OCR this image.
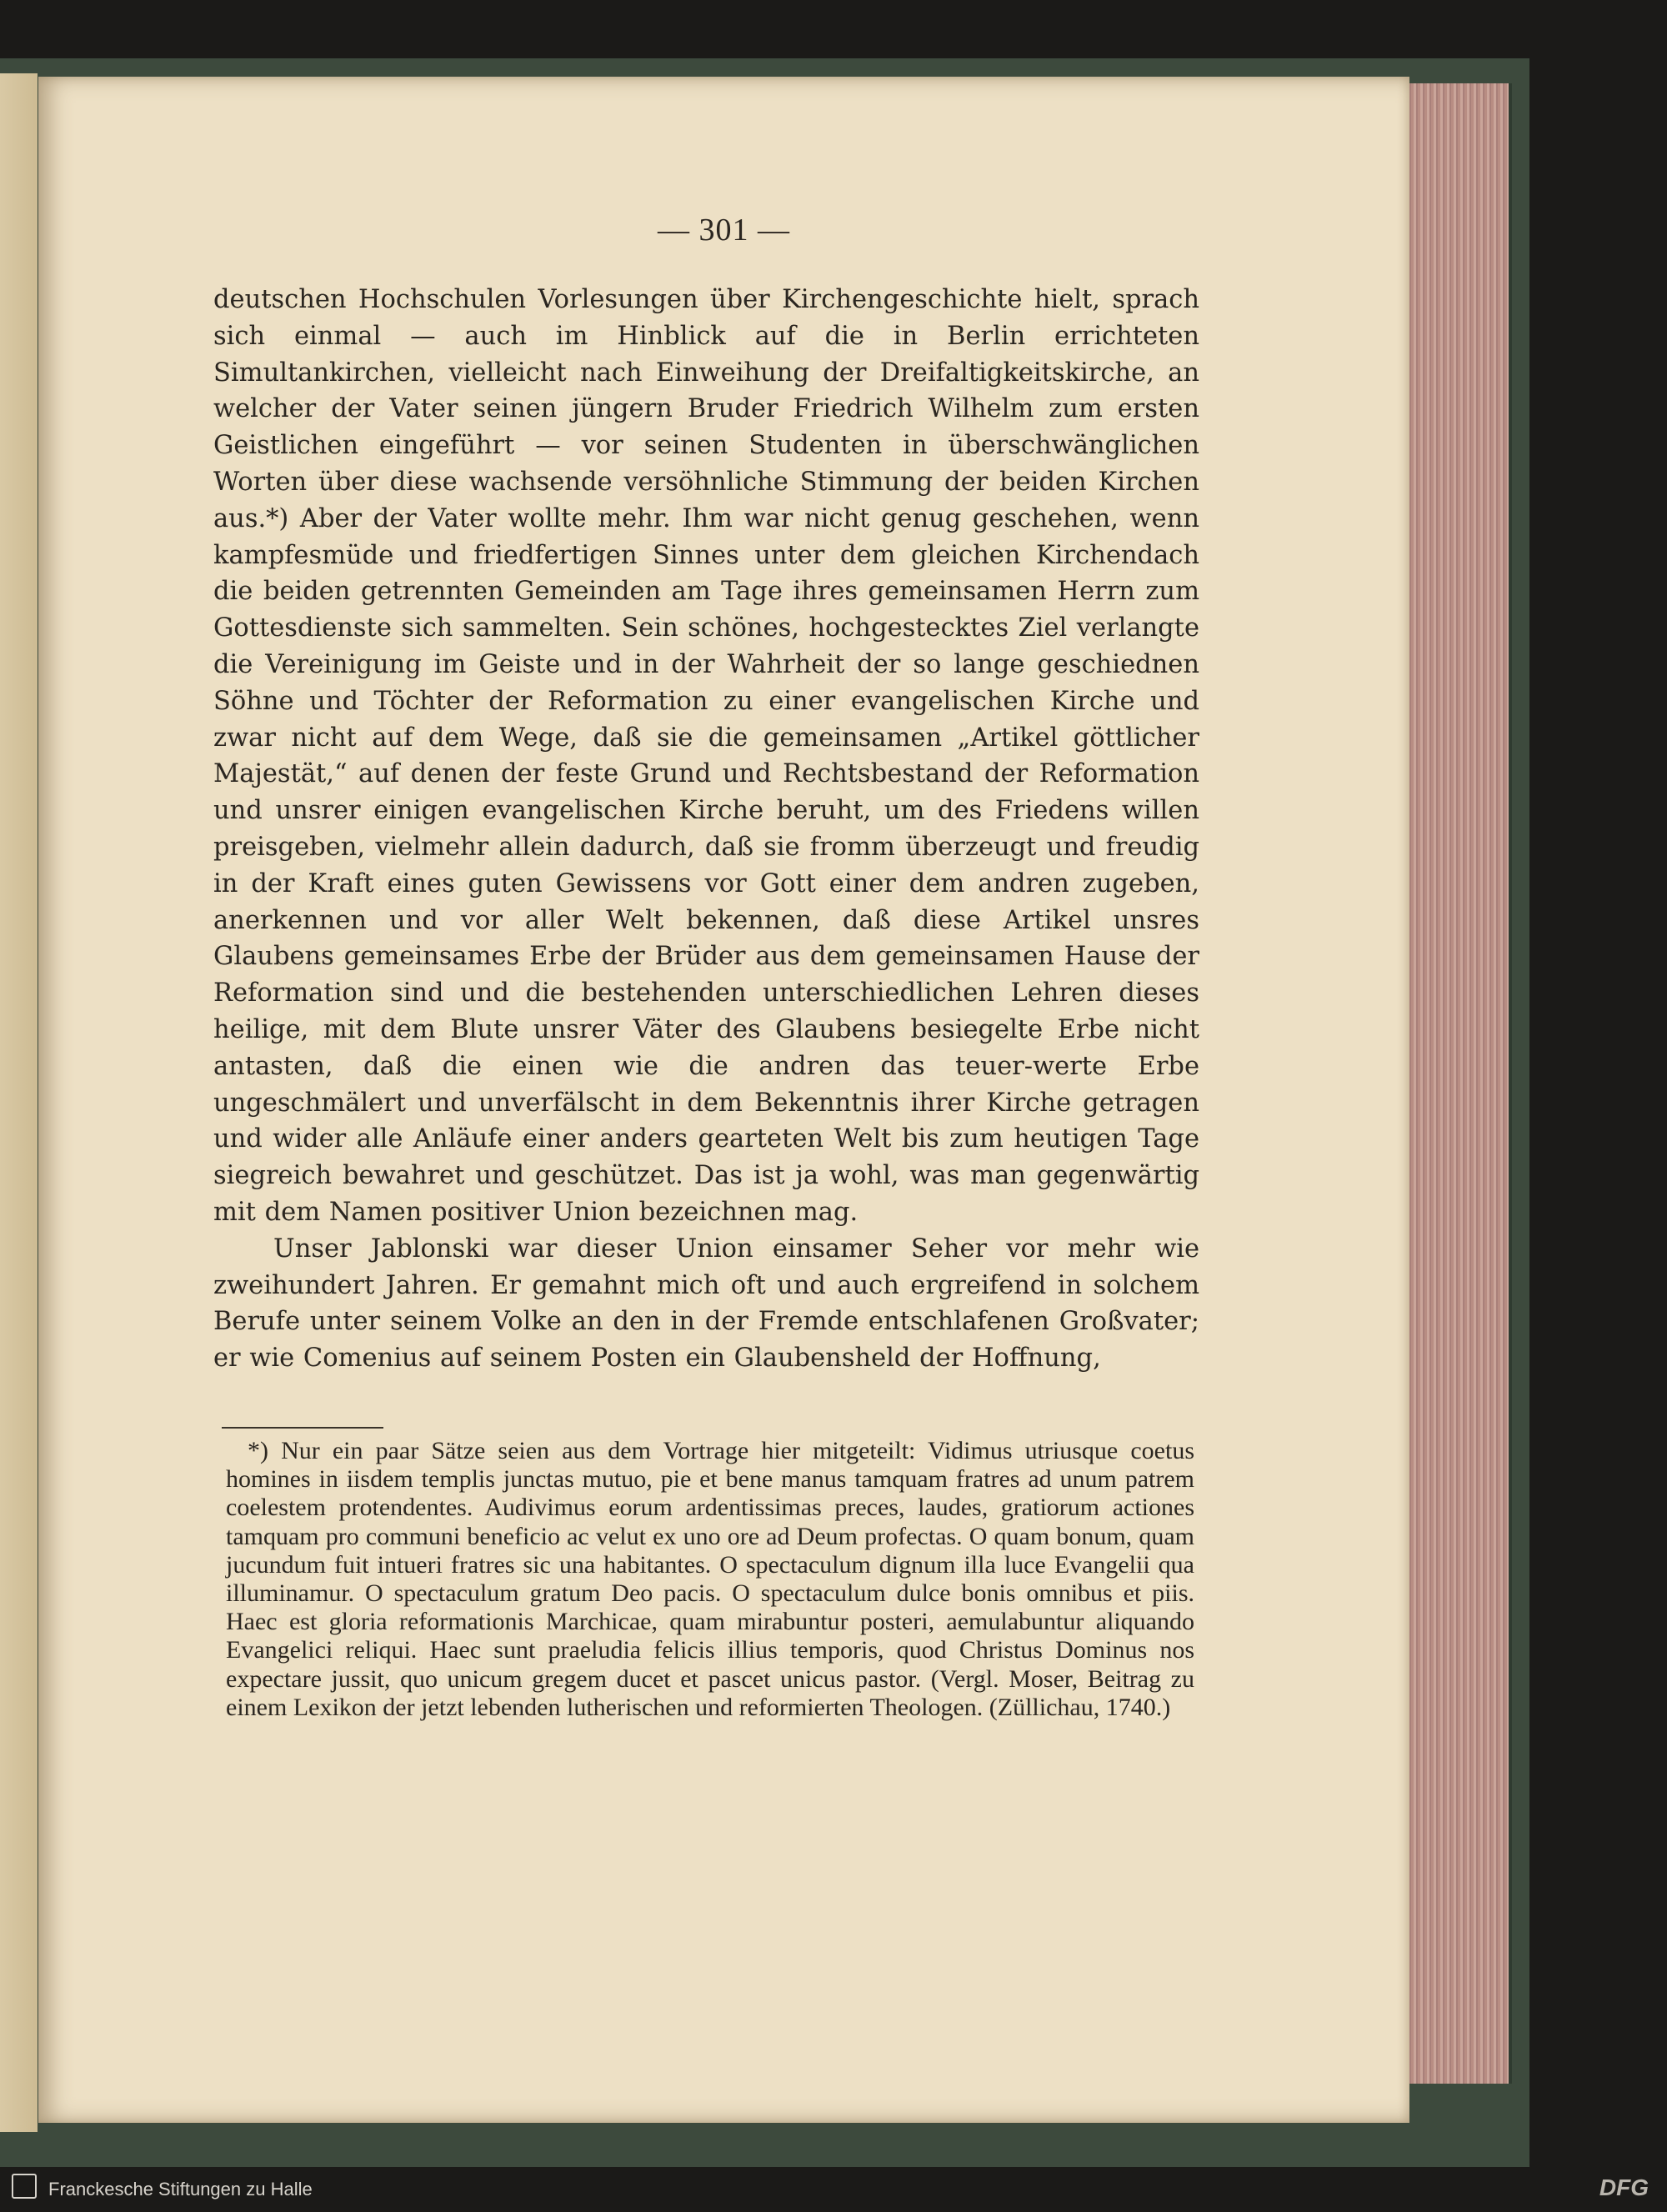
— 301 —

deutschen Hochschulen Vorlesungen über Kirchengeschichte hielt, sprach sich einmal — auch im Hinblick auf die in Berlin errichteten Simultankirchen, vielleicht nach Einweihung der Dreifaltigkeitskirche, an welcher der Vater seinen jüngern Bruder Friedrich Wilhelm zum ersten Geistlichen eingeführt — vor seinen Studenten in überschwänglichen Worten über diese wachsende versöhnliche Stimmung der beiden Kirchen aus.*) Aber der Vater wollte mehr. Ihm war nicht genug geschehen, wenn kampfesmüde und friedfertigen Sinnes unter dem gleichen Kirchendach die beiden getrennten Gemeinden am Tage ihres gemeinsamen Herrn zum Gottesdienste sich sammelten. Sein schönes, hochgestecktes Ziel verlangte die Vereinigung im Geiste und in der Wahrheit der so lange geschiednen Söhne und Töchter der Reformation zu einer evangelischen Kirche und zwar nicht auf dem Wege, daß sie die gemeinsamen „Artikel göttlicher Majestät,“ auf denen der feste Grund und Rechtsbestand der Reformation und unsrer einigen evangelischen Kirche beruht, um des Friedens willen preisgeben, vielmehr allein dadurch, daß sie fromm überzeugt und freudig in der Kraft eines guten Gewissens vor Gott einer dem andren zugeben, anerkennen und vor aller Welt bekennen, daß diese Artikel unsres Glaubens gemeinsames Erbe der Brüder aus dem gemeinsamen Hause der Reformation sind und die bestehenden unterschiedlichen Lehren dieses heilige, mit dem Blute unsrer Väter des Glaubens besiegelte Erbe nicht antasten, daß die einen wie die andren das teuer-werte Erbe ungeschmälert und unverfälscht in dem Bekenntnis ihrer Kirche getragen und wider alle Anläufe einer anders gearteten Welt bis zum heutigen Tage siegreich bewahret und geschützet. Das ist ja wohl, was man gegenwärtig mit dem Namen positiver Union bezeichnen mag.

Unser Jablonski war dieser Union einsamer Seher vor mehr wie zweihundert Jahren. Er gemahnt mich oft und auch ergreifend in solchem Berufe unter seinem Volke an den in der Fremde entschlafenen Großvater; er wie Comenius auf seinem Posten ein Glaubensheld der Hoffnung,

*) Nur ein paar Sätze seien aus dem Vortrage hier mitgeteilt: Vidimus utriusque coetus homines in iisdem templis junctas mutuo, pie et bene manus tamquam fratres ad unum patrem coelestem protendentes. Audivimus eorum ardentissimas preces, laudes, gratiorum actiones tamquam pro communi beneficio ac velut ex uno ore ad Deum profectas. O quam bonum, quam jucundum fuit intueri fratres sic una habitantes. O spectaculum dignum illa luce Evangelii qua illuminamur. O spectaculum gratum Deo pacis. O spectaculum dulce bonis omnibus et piis. Haec est gloria reformationis Marchicae, quam mirabuntur posteri, aemulabuntur aliquando Evangelici reliqui. Haec sunt praeludia felicis illius temporis, quod Christus Dominus nos expectare jussit, quo unicum gregem ducet et pascet unicus pastor. (Vergl. Moser, Beitrag zu einem Lexikon der jetzt lebenden lutherischen und reformierten Theologen. (Züllichau, 1740.)

Franckesche Stiftungen zu Halle	DFG
